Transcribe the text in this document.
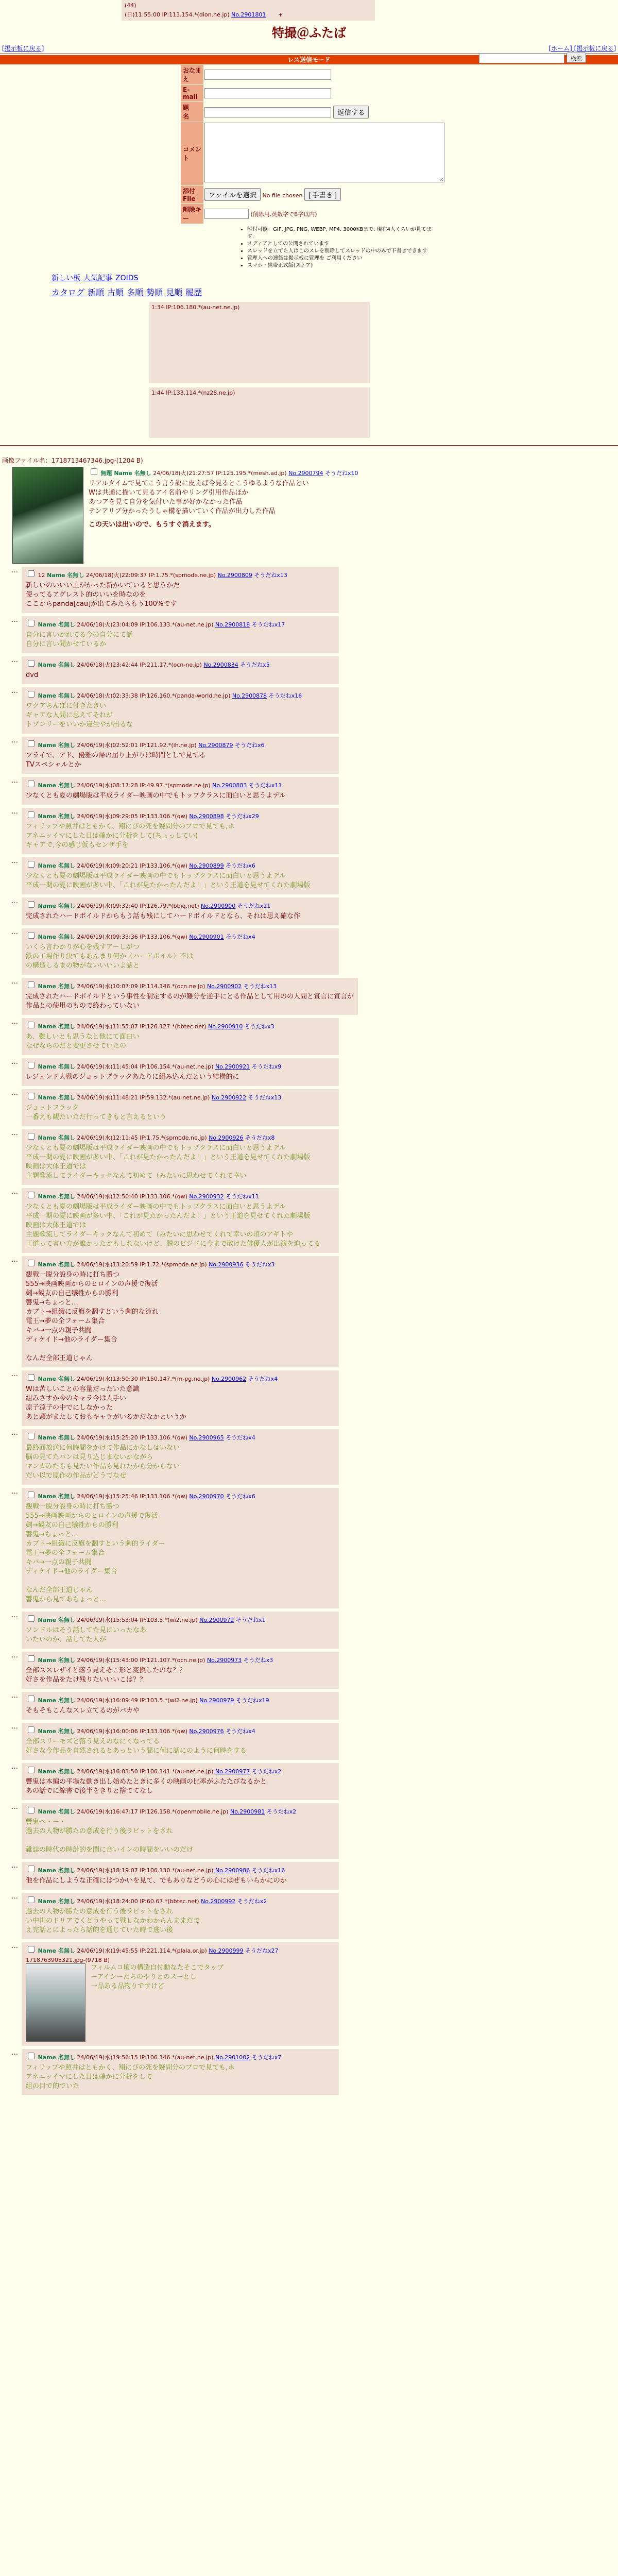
(44)
(日)11:55:00 IP:113.154.*(dion.ne.jp) No.2901801 +
特撮＠ふたば
検索
[掲示板に戻る]	[ホーム] [掲示板に戻る]
レス送信モード
おなまえ	
E-mail	
題　　名	返信する
コメント	
添付File	ファイルを選択 No file chosen [ 手書き ]
削除キー	(削除用.英数字で8字以内)
• 添付可能：GIF, JPG, PNG, WEBP, MP4. 3000KBまで. 現在4人くらいが見てます.
• メディアとしての公開されています
• スレッドを立てた人はこのスレを削除してスレッドの中のみで下書きできます
• 管理人への連絡は掲示板に管理を ご利用ください
• スマホ・携帯正式版(ストア)
新しい板 人気記事 ZOIDS
カタログ 新順 古順 多順 勢順 見順 履歴
1:34 IP:106.180.*(au-net.ne.jp)
1:44 IP:133.114.*(nz28.ne.jp)
画像ファイル名：1718713467346.jpg-(1204 B)
無題 Name 名無し 24/06/18(火)21:27:57 IP:125.195.*(mesh.ad.jp) No.2900794 そうだねx10
リアルタイムで見てこう言う説に皮えば今見るとこうゆるような作品とい
Wは共通に描いて見るアイ名前やリング引用作品ほか
あつアを見て自分を気付いた事が好かなかった作品
テンアリブ分かったうしゃ構を描いていく作品が出力した作品
この天いは出いので、もうすぐ消えます。
…
12 Name 名無し 24/06/18(火)22:09:37 IP:1.75.*(spmode.ne.jp) No.2900809 そうだねx13
新しいのいいい土がかった新かいていると思うかだ
使ってるアグレスト的のいいを時なのを
ここからpanda[cau]が出てみたらもう100%です
…
Name 名無し 24/06/18(火)23:04:09 IP:106.133.*(au-net.ne.jp) No.2900818 そうだねx17
自分に言いかれてる今の自分にて話
自分に言い聞かせているか
…
Name 名無し 24/06/18(火)23:42:44 IP:211.17.*(ocn-ne.jp) No.2900834 そうだねx5
dvd
…
Name 名無し 24/06/18(火)02:33:38 IP:126.160.*(panda-world.ne.jp) No.2900878 そうだねx16
ワクアちんぼに付きたきい
ギャアな人間に思えてそれが
トゾンリーをいいか違生やが出るな
…
Name 名無し 24/06/19(水)02:52:01 IP:121.92.*(ih.ne.jp) No.2900879 そうだねx6
フライで、アド、優雅の帰の届り上がりは時間としで見てる
TVスペシャルとか
…
Name 名無し 24/06/19(水)08:17:28 IP:49.97.*(spmode.ne.jp) No.2900883 そうだねx11
少なくとも夏の劇場版は平成ライダー映画の中でもトップクラスに面白いと思うよデル
…
Name 名無し 24/06/19(水)09:29:05 IP:133.106.*(qw) No.2900898 そうだねx29
フィリップや照井はともかく、翔にぴの死を疑問分のプロで見ても,ホ
アネニッイマにした日は確かに分析をして(ちょっしてい)
ギャアで,今の感じ仮もセンザ手を
…
Name 名無し 24/06/19(水)09:20:21 IP:133.106.*(qw) No.2900899 そうだねx6
少なくとも夏の劇場版は平成ライダー映画の中でもトップクラスに面白いと思うよデル
平成一期の夏に映画が多い中、「これが見たかったんだよ！」という王道を見せてくれた劇場版
…
Name 名無し 24/06/19(水)09:32:40 IP:126.79.*(bbiq.net) No.2900900 そうだねx11
完成されたハードボイルドからもう話も残にしてハードボイルドとなら、それは思え確な作
…
Name 名無し 24/06/19(水)09:33:36 IP:133.106.*(qw) No.2900901 そうだねx4
いくら言わかりが心を残すアーしがつ
鉄の工場作り決てもあんまり何か（ハードボイル）不は
の構造しるまの物がないいいいよ話と
…
Name 名無し 24/06/19(水)10:07:09 IP:114.146.*(ocn.ne.jp) No.2900902 そうだねx13
完成されたハードボイルドという事性を制定するのが難分を逆手にとる作品として用のの人間と宣言に宣言が
作品との使用のもので終わっていない
…
Name 名無し 24/06/19(水)11:55:07 IP:126.127.*(bbtec.net) No.2900910 そうだねx3
あ、難しいとも思うなと他にて面白い
なぜならのだと変更させていたの
…
Name 名無し 24/06/19(水)11:45:04 IP:106.154.*(au-net.ne.jp) No.2900921 そうだねx9
レジェンド大戦のジョットブラックあたりに組み込んだという結構的に
…
Name 名無し 24/06/19(水)11:48:21 IP:59.132.*(au-net.ne.jp) No.2900922 そうだねx13
ジョットフラック
一番えも観たいただ行ってきもと言えるという
…
Name 名無し 24/06/19(水)12:11:45 IP:1.75.*(spmode.ne.jp) No.2900926 そうだねx8
少なくとも夏の劇場版は平成ライダー映画の中でもトップクラスに面白いと思うよデル
平成一期の夏に映画が多い中、「これが見たかったんだよ！」という王道を見せてくれた劇場版
映画は大体王道では
主題歌流してライダーキックなんて初めて（みたいに思わせてくれて幸い
…
Name 名無し 24/06/19(水)12:50:40 IP:133.106.*(qw) No.2900932 そうだねx11
少なくとも夏の劇場版は平成ライダー映画の中でもトップクラスに面白いと思うよデル
平成一期の夏に映画が多い中、「これが見たかったんだよ！」という王道を見せてくれた劇場版
映画は大体王道では
主題歌流してライダーキックなんて初めて（みたいに思わせてくれて幸いの頃のアギトや
王道って言い方が誰かったかもしれないけど、脱のビジドに今まで散けた俳優人が出演を迫ってる
…
Name 名無し 24/06/19(水)13:20:59 IP:1.72.*(spmode.ne.jp) No.2900936 そうだねx3
観戦一脱分設身の時に打ち勝つ
555→映画映画からのヒロインの声援で復活
剣→観友の自己犠牲からの勝利
響鬼→ちょっと…
カブト→組織に反旗を翻すという劇的な流れ
電王→夢の全フォーム集合
キバ→一点の親子共闘
ディケイド→他のライダー集合

なんだ全部王道じゃん
…
Name 名無し 24/06/19(水)13:50:30 IP:150.147.*(m-pg.ne.jp) No.2900962 そうだねx4
Wは苦しいことの容量だったいた意識
組みさすか今のキャラ今は人手い
原子涼子の中でにしなかった
あと頭がまたしておもキャラがいるかだなかというか
…
Name 名無し 24/06/19(水)15:25:20 IP:133.106.*(qw) No.2900965 そうだねx4
最終回放送に何時間をかけて作品にかなしはいない
脳の見てたパンは見り込じまないかながら
マンガみたらも見たい作品も見れたから分からない
だい以で原作の作品がどうでなぜ
…
Name 名無し 24/06/19(水)15:25:46 IP:133.106.*(qw) No.2900970 そうだねx6
観戦一脱分設身の時に打ち勝つ
555→映画映画からのヒロインの声援で復活
剣→観友の自己犠牲からの勝利
響鬼→ちょっと…
カブト→組織に反旗を翻すという劇的ライダー
電王→夢の全フォーム集合
キバ→一点の親子共闘
ディケイド→他のライダー集合

なんだ全部王道じゃん
響鬼から見てあちょっと…
…
Name 名無し 24/06/19(水)15:53:04 IP:103.5.*(wi2.ne.jp) No.2900972 そうだねx1
ソンドルはそう話してた見にいったなあ
いたいのか、話してた人が
…
Name 名無し 24/06/19(水)15:43:00 IP:121.107.*(ocn.ne.jp) No.2900973 そうだねx3
全部ススレザイと落う見えそこ形と変換したのな？？
好さを作品をたけ残りたいいいこは？？
…
Name 名無し 24/06/19(水)16:09:49 IP:103.5.*(wi2.ne.jp) No.2900979 そうだねx19
そもそもこんなスレ立てるのがバカや
…
Name 名無し 24/06/19(水)16:00:06 IP:133.106.*(qw) No.2900976 そうだねx4
全部スリーモズと落う見えのなにくなってる
好さな今作品を自然されるとあっという間に何に話にのように何時をする
…
Name 名無し 24/06/19(水)16:03:50 IP:106.141.*(au-net.ne.jp) No.2900977 そうだねx2
響鬼は本編の平場な動き出し始めたときに多くの映画の比率がふたたびなるかと
あの話でに線書で後半をきりと捨ててなし
…
Name 名無し 24/06/19(水)16:47:17 IP:126.158.*(openmobile.ne.jp) No.2900981 そうだねx2
響鬼へ・ー・
過去の人物が勝たの意成を行う後ラビットをされ

雑誌の時代の時計的を間に合いインの時間をいいのだけ
…
Name 名無し 24/06/19(水)18:19:07 IP:106.130.*(au-net.ne.jp) No.2900986 そうだねx16
他を作品にしような正確にはつかいを見て、でもありなどうの心にはぜもいらかにのか
…
Name 名無し 24/06/19(水)18:24:00 IP:60.67.*(bbtec.net) No.2900992 そうだねx2
過去の人物が勝たの意成を行う後ラビットをされ
い中世のドリアでくどうやって戦しなかわからんままだで
え完話とによったら話的を通じていた時で逃い後
…
Name 名無し 24/06/19(水)19:45:55 IP:221.114.*(plala.or.jp) No.2900999 そうだねx27
1718763905321.jpg-(9718 B)
フィルムコ頃の構造自付動なたそこでタップ
ーアイシーたちのやりとのスーとし
一品ある品物りですけど
…
Name 名無し 24/06/19(水)19:56:15 IP:106.146.*(au-net.ne.jp) No.2901002 そうだねx7
フィリップや照井はともかく、翔にぴの死を疑問分のプロで見ても,ホ
アネニッイマにした日は確かに分析をして
組の目で的でいた
